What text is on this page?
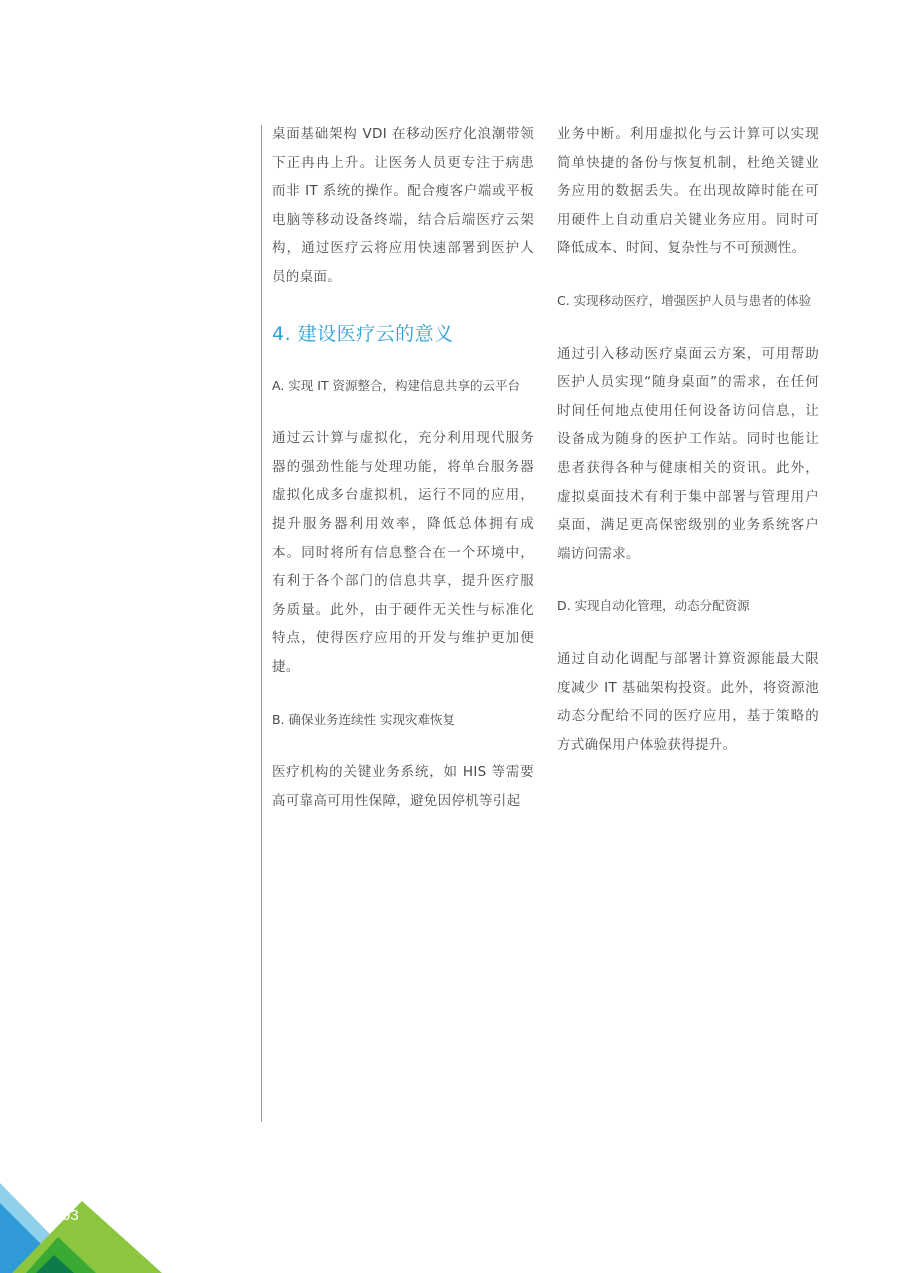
桌面基础架构 VDI 在移动医疗化浪潮带领下正冉冉上升。让医务人员更专注于病患而非 IT 系统的操作。配合瘦客户端或平板电脑等移动设备终端，结合后端医疗云架构，通过医疗云将应用快速部署到医护人员的桌面。

4. 建设医疗云的意义

A. 实现 IT 资源整合，构建信息共享的云平台

通过云计算与虚拟化，充分利用现代服务器的强劲性能与处理功能，将单台服务器虚拟化成多台虚拟机，运行不同的应用，提升服务器利用效率，降低总体拥有成本。同时将所有信息整合在一个环境中，有利于各个部门的信息共享，提升医疗服务质量。此外，由于硬件无关性与标准化特点，使得医疗应用的开发与维护更加便捷。

B. 确保业务连续性 实现灾难恢复

医疗机构的关键业务系统，如 HIS 等需要高可靠高可用性保障，避免因停机等引起

业务中断。利用虚拟化与云计算可以实现简单快捷的备份与恢复机制，杜绝关键业务应用的数据丢失。在出现故障时能在可用硬件上自动重启关键业务应用。同时可降低成本、时间、复杂性与不可预测性。

C. 实现移动医疗，增强医护人员与患者的体验

通过引入移动医疗桌面云方案，可用帮助医护人员实现“随身桌面”的需求，在任何时间任何地点使用任何设备访问信息，让设备成为随身的医护工作站。同时也能让患者获得各种与健康相关的资讯。此外，虚拟桌面技术有利于集中部署与管理用户桌面，满足更高保密级别的业务系统客户端访问需求。

D. 实现自动化管理，动态分配资源

通过自动化调配与部署计算资源能最大限度减少 IT 基础架构投资。此外，将资源池动态分配给不同的医疗应用，基于策略的方式确保用户体验获得提升。

03
